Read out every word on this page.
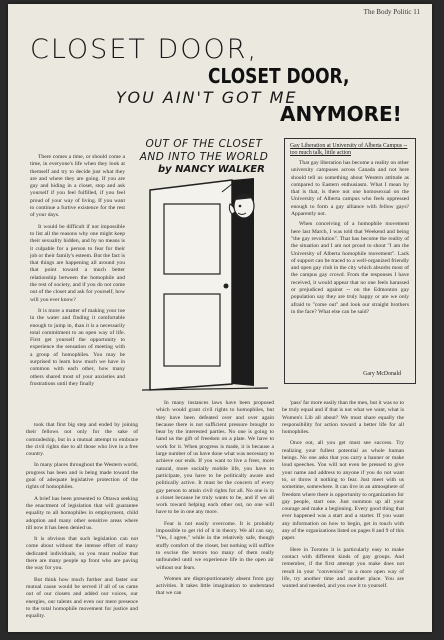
The Body Politic 11
CLOSET DOOR,
CLOSET DOOR,
YOU AIN'T GOT ME
ANYMORE!

There comes a time, or should come a time, in everyone's life when they look at themself and try to decide just what they are and where they are going. If you are gay and hiding in a closet, stop and ask yourself if you feel fulfilled, if you feel proud of your way of living. If you want to continue a furtive existence for the rest of your days.

It would be difficult if not impossible to list all the reasons why one might keep their sexuality hidden, and by no means is it culpable for a person to fear for their job or their family's esteem. But the fact is that things are happening all around you that point toward a much better relationship between the homophile and the rest of society, and if you do not come out of the closet and ask for yourself, how will you ever know?

It is more a matter of making your toe in the water and finding it comfortable enough to jump in, than it is a necessarily total commitment to an open way of life. First get yourself the opportunity to experience the sensation of meeting with a group of homophiles. You may be surprised to learn how much we have in common with each other, how many others shared most of your anxieties and frustrations until they finally

OUT OF THE CLOSET AND INTO THE WORLD
by NANCY WALKER
Gay Liberation at University of Alberta Campus -- too much talk, little action

That gay liberation has become a reality on other university campuses across Canada and not here should tell us something about Western attitude as compared to Eastern enthusiasm. What I mean by that is that, is there not one homosexual on the University of Alberta campus who feels oppressed enough to form a gay alliance with fellow gays? Apparently not.

When conceiving of a homophile movement here last March, I was told that Weekend and being "the gay revolution". That has become the reality of the situation and I am not proud to shout "I am the University of Alberta homophile movement". Lack of support can be traced to a well-organized friendly and open gay club in the city which absorbs most of the campus gay crowd. From the responses I have received, it would appear that no one feels harassed or prejudiced against -- on the Edmonton gay population say they are truly happy or are we only afraid to "come out" and look our straight brothers in the face? What else can be said?

Gary McDonald

took that first big step and ended by joining their fellows not only for the sake of comradeship, but in a mutual attempt to embrace the civil rights due to all those who live in a free country.

In many places throughout the Western world, progress has been and is being made toward the goal of adequate legislative protection of the rights of homophiles.

A brief has been presented to Ottawa seeking the enactment of legislation that will guarantee equality to all homophiles in employment, child adoption and many other sensitive areas where till now it has been denied us.

It is obvious that such legislation can not come about without the intense effort of many dedicated individuals, so you must realize that there are many people up front who are paving the way for you.

But think how much further and faster our mutual cause would be served if all of us came out of our closets and added our voices, our energies, our talents and even our mere presence to the total homophile movement for justice and equality.

In many instances laws have been proposed which would grant civil rights to homophiles, but they have been defeated over and over again because there is not sufficient pressure brought to bear by the interested parties. No one is going to hand us the gift of freedom on a plate. We have to work for it. When progress is made, it is because a large number of us have done what was necessary to achieve our ends. If you want to live a freer, more natural, more socially mobile life, you have to participate, you have to be politically aware and politically active. It must be the concern of every gay person to attain civil rights for all. No one is in a closet because he truly wants to be, and if we all work toward helping each other out, no one will have to be in one any more.

Fear is not easily overcome. It is probably impossible to get rid of it in theory. We all can say, "Yes, I agree," while in the relatively safe, though stuffy comfort of the closet, but nothing will suffice to excise the terrors too many of them really unfounded until we experience life in the open air without our fears.

Women are disproportionately absent from gay activities. It takes little imagination to understand that we can

'pass' far more easily than the men, but it was so to be truly equal and if that is not what we want, what is Women's Lib all about? We must share equally the responsibility for action toward a better life for all homophiles.

Once out, all you get must see success. Try realizing your fullest potential as whole human beings. No one asks that you carry a banner or make loud speeches. You will not even be pressed to give your name and address to anyone if you do not want to, or throw it nothing to fear. Just meet with us sometime, somewhere. It can live in an atmosphere of freedom where there is opportunity to organization for gay people, start one. Just summon up all your courage and make a beginning. Every good thing that ever happened was a start and a starter. If you want any information on how to begin, get in touch with any of the organizations listed on pages 8 and 9 of this paper.

Here in Toronto it is particularly easy to make contact with different kinds of gay groups. And remember, if the first attempt you make does not result in your "conversion" to a more open way of life, try another time and another place. You are wanted and needed, and you owe it to yourself.
